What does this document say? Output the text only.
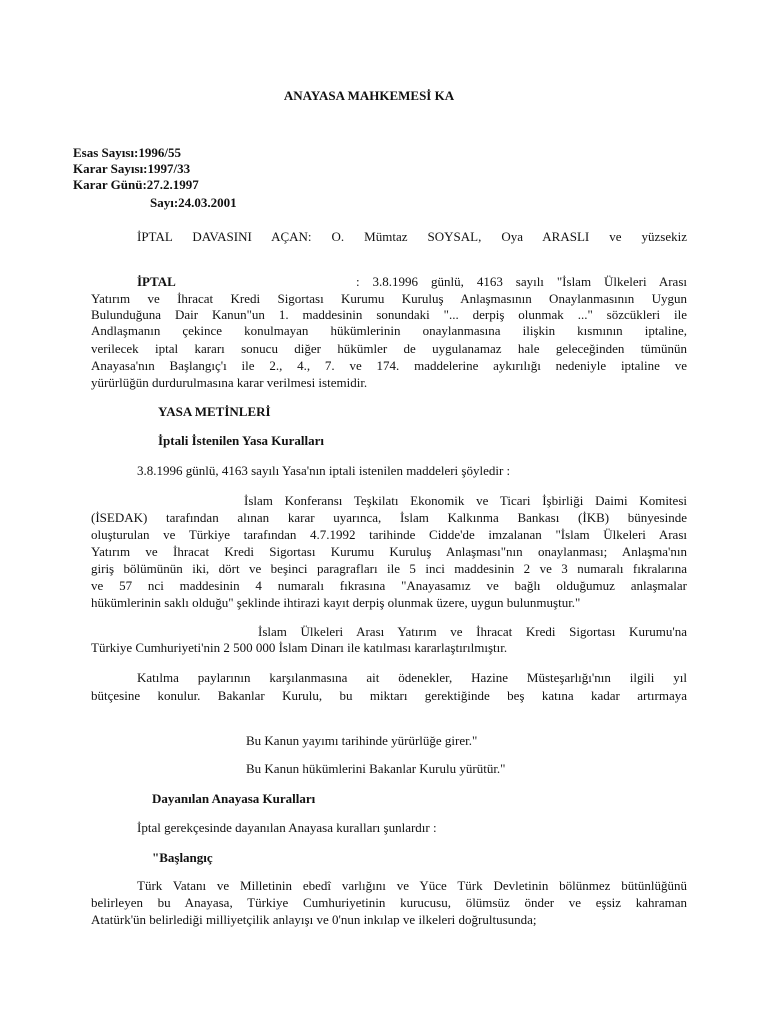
ANAYASA MAHKEMESİ KA
Esas Sayısı:1996/55
Karar Sayısı:1997/33
Karar Günü:27.2.1997
Sayı:24.03.2001
İPTAL DAVASINI AÇAN: O. Mümtaz SOYSAL, Oya ARASLI ve yüzsekiz
İPTAL	: 3.8.1996 günlü, 4163 sayılı "İslam Ülkeleri Arası
Yatırım ve İhracat Kredi Sigortası Kurumu Kuruluş Anlaşmasının Onaylanmasının Uygun
Bulunduğuna Dair Kanun"un 1. maddesinin sonundaki "... derpiş olunmak ..." sözcükleri ile
Andlaşmanın çekince konulmayan hükümlerinin onaylanmasına ilişkin kısmının iptaline,
verilecek iptal kararı sonucu diğer hükümler de uygulanamaz hale geleceğinden tümünün
Anayasa'nın Başlangıç'ı ile 2., 4., 7. ve 174. maddelerine aykırılığı nedeniyle iptaline ve
yürürlüğün durdurulmasına karar verilmesi istemidir.
YASA METİNLERİ
İptali İstenilen Yasa Kuralları
3.8.1996 günlü, 4163 sayılı Yasa'nın iptali istenilen maddeleri şöyledir :
İslam Konferansı Teşkilatı Ekonomik ve Ticari İşbirliği Daimi Komitesi
(İSEDAK) tarafından alınan karar uyarınca, İslam Kalkınma Bankası (İKB) bünyesinde
oluşturulan ve Türkiye tarafından 4.7.1992 tarihinde Cidde'de imzalanan "İslam Ülkeleri Arası
Yatırım ve İhracat Kredi Sigortası Kurumu Kuruluş Anlaşması"nın onaylanması; Anlaşma'nın
giriş bölümünün iki, dört ve beşinci paragrafları ile 5 inci maddesinin 2 ve 3 numaralı fıkralarına
ve 57 nci maddesinin 4 numaralı fıkrasına "Anayasamız ve bağlı olduğumuz anlaşmalar
hükümlerinin saklı olduğu" şeklinde ihtirazi kayıt derpiş olunmak üzere, uygun bulunmuştur."
İslam Ülkeleri Arası Yatırım ve İhracat Kredi Sigortası Kurumu'na
Türkiye Cumhuriyeti'nin 2 500 000 İslam Dinarı ile katılması kararlaştırılmıştır.
Katılma paylarının karşılanmasına ait ödenekler, Hazine Müsteşarlığı'nın ilgili yıl
bütçesine konulur. Bakanlar Kurulu, bu miktarı gerektiğinde beş katına kadar artırmaya
Bu Kanun yayımı tarihinde yürürlüğe girer."
Bu Kanun hükümlerini Bakanlar Kurulu yürütür."
Dayanılan Anayasa Kuralları
İptal gerekçesinde dayanılan Anayasa kuralları şunlardır :
"Başlangıç
Türk Vatanı ve Milletinin ebedî varlığını ve Yüce Türk Devletinin bölünmez bütünlüğünü
belirleyen bu Anayasa, Türkiye Cumhuriyetinin kurucusu, ölümsüz önder ve eşsiz kahraman
Atatürk'ün belirlediği milliyetçilik anlayışı ve 0'nun inkılap ve ilkeleri doğrultusunda;
